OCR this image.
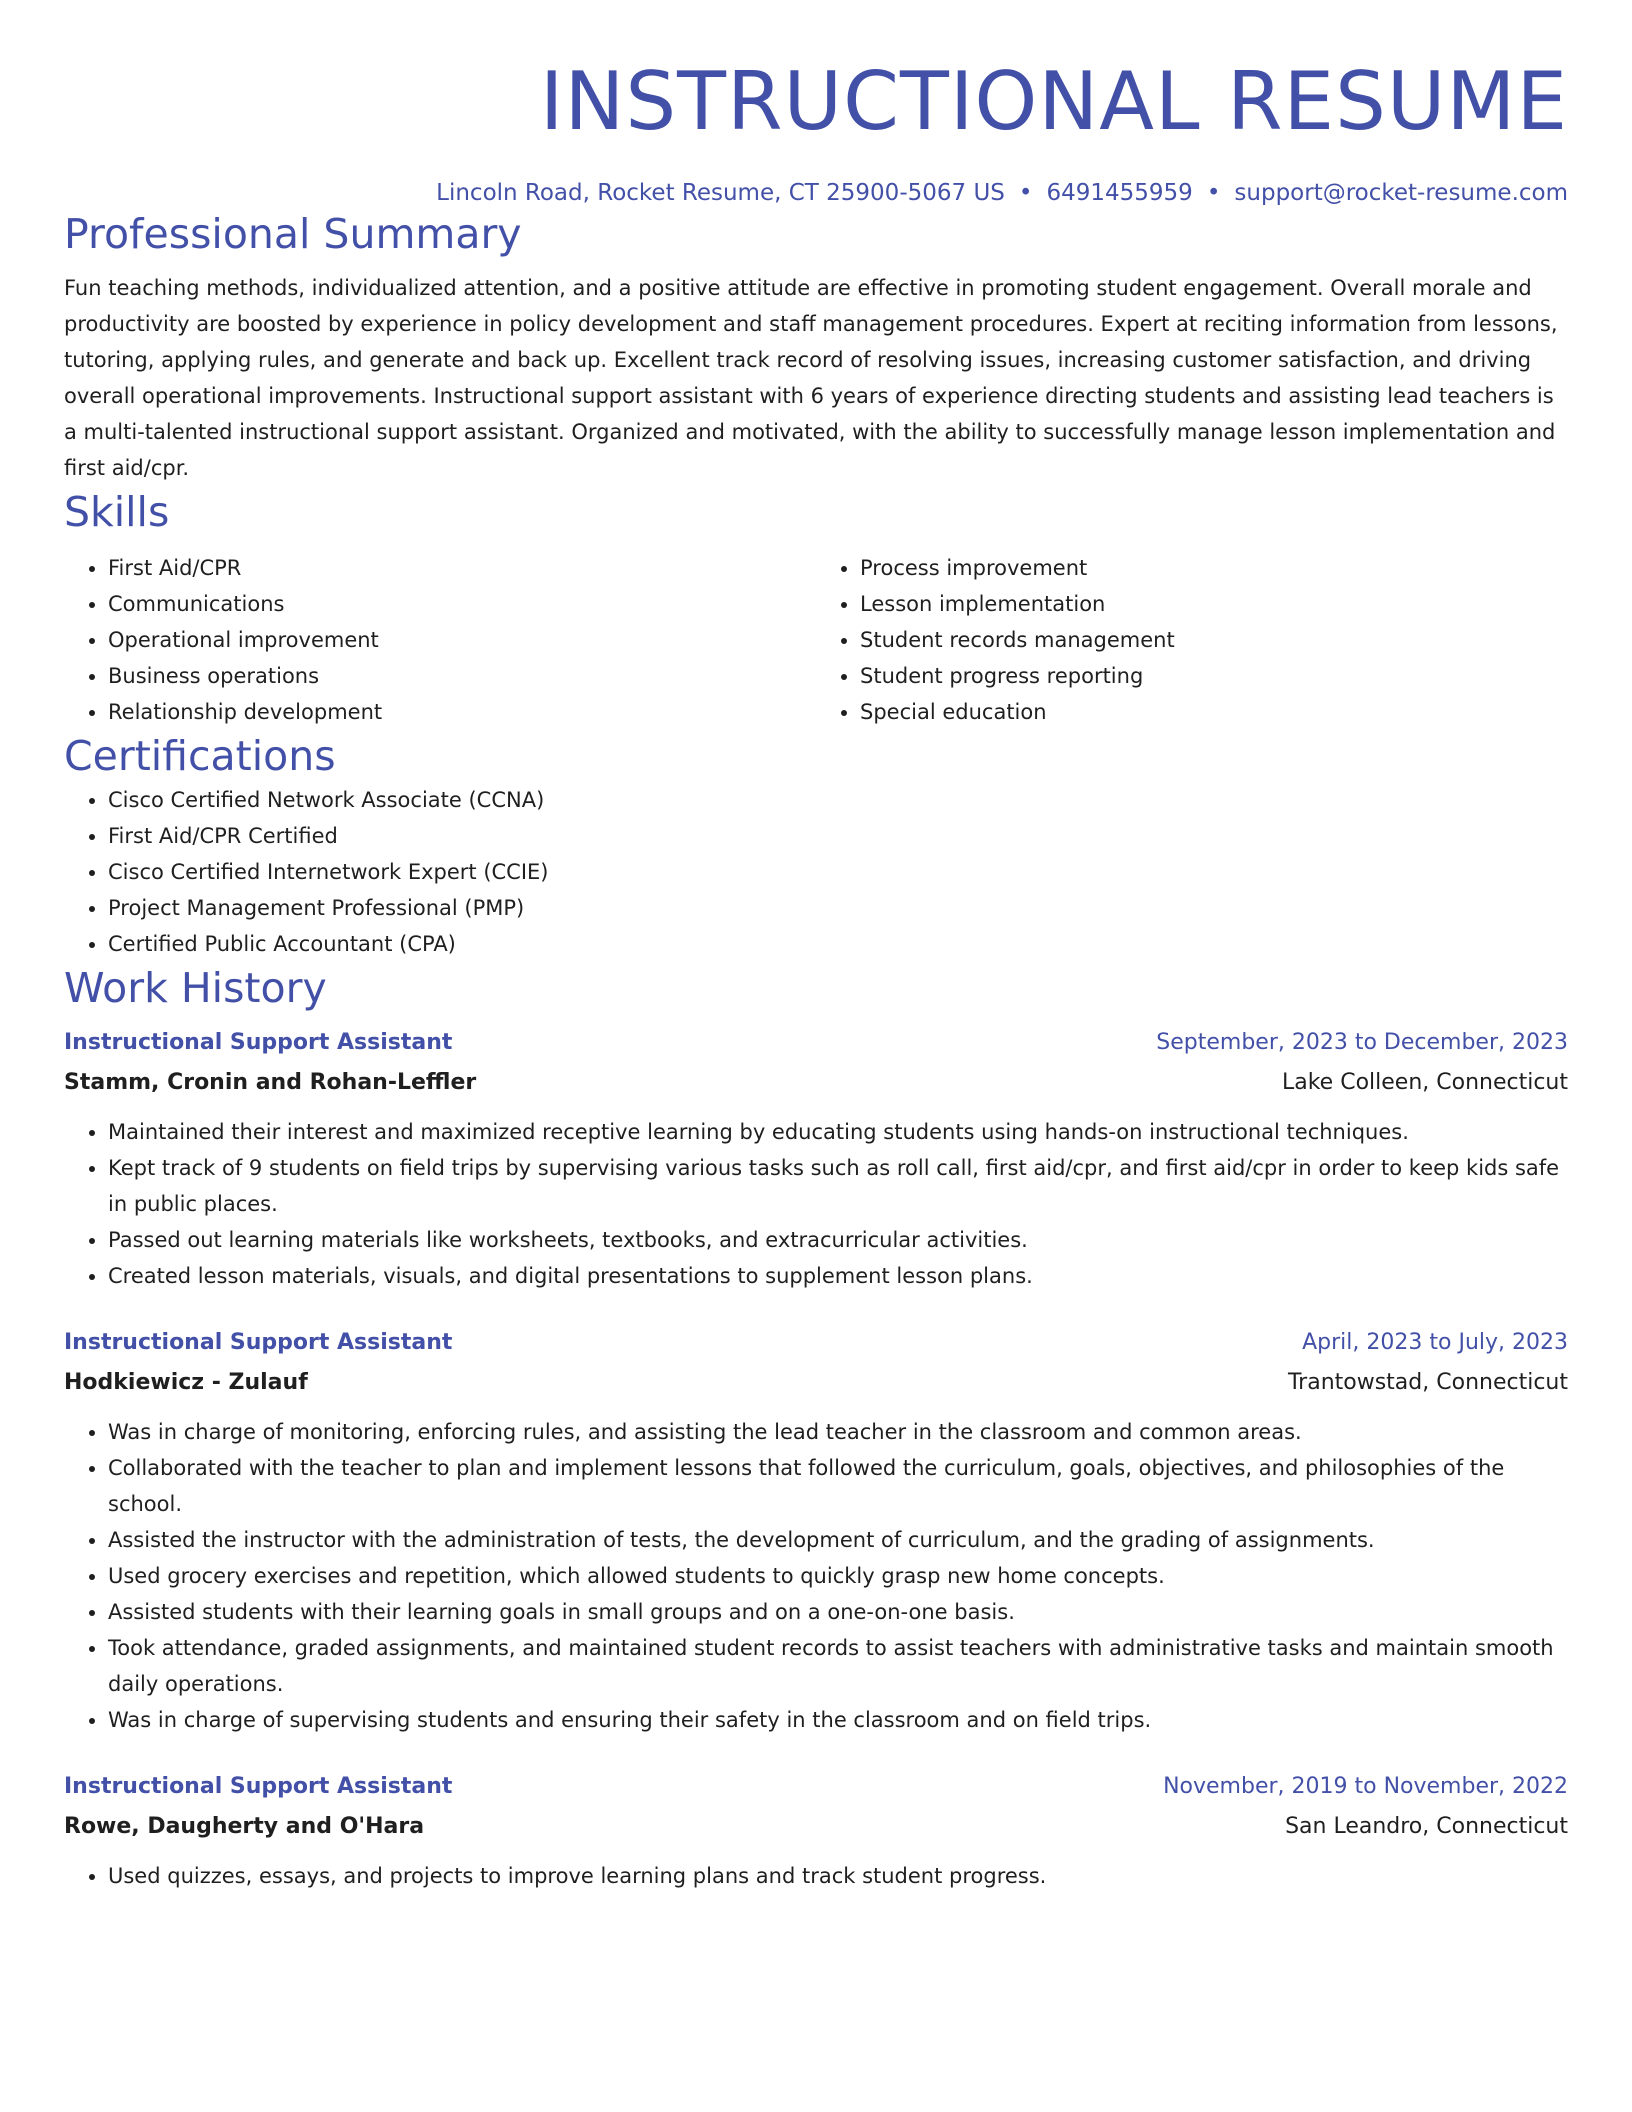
INSTRUCTIONAL RESUME
Lincoln Road, Rocket Resume, CT 25900-5067 US • 6491455959 • support@rocket-resume.com
Professional Summary
Fun teaching methods, individualized attention, and a positive attitude are effective in promoting student engagement. Overall morale and productivity are boosted by experience in policy development and staff management procedures. Expert at reciting information from lessons, tutoring, applying rules, and generate and back up. Excellent track record of resolving issues, increasing customer satisfaction, and driving overall operational improvements. Instructional support assistant with 6 years of experience directing students and assisting lead teachers is a multi-talented instructional support assistant. Organized and motivated, with the ability to successfully manage lesson implementation and first aid/cpr.
Skills
• First Aid/CPR
• Communications
• Operational improvement
• Business operations
• Relationship development
• Process improvement
• Lesson implementation
• Student records management
• Student progress reporting
• Special education
Certifications
• Cisco Certified Network Associate (CCNA)
• First Aid/CPR Certified
• Cisco Certified Internetwork Expert (CCIE)
• Project Management Professional (PMP)
• Certified Public Accountant (CPA)
Work History
Instructional Support Assistant	September, 2023 to December, 2023
Stamm, Cronin and Rohan-Leffler	Lake Colleen, Connecticut
• Maintained their interest and maximized receptive learning by educating students using hands-on instructional techniques.
• Kept track of 9 students on field trips by supervising various tasks such as roll call, first aid/cpr, and first aid/cpr in order to keep kids safe in public places.
• Passed out learning materials like worksheets, textbooks, and extracurricular activities.
• Created lesson materials, visuals, and digital presentations to supplement lesson plans.
Instructional Support Assistant	April, 2023 to July, 2023
Hodkiewicz - Zulauf	Trantowstad, Connecticut
• Was in charge of monitoring, enforcing rules, and assisting the lead teacher in the classroom and common areas.
• Collaborated with the teacher to plan and implement lessons that followed the curriculum, goals, objectives, and philosophies of the school.
• Assisted the instructor with the administration of tests, the development of curriculum, and the grading of assignments.
• Used grocery exercises and repetition, which allowed students to quickly grasp new home concepts.
• Assisted students with their learning goals in small groups and on a one-on-one basis.
• Took attendance, graded assignments, and maintained student records to assist teachers with administrative tasks and maintain smooth daily operations.
• Was in charge of supervising students and ensuring their safety in the classroom and on field trips.
Instructional Support Assistant	November, 2019 to November, 2022
Rowe, Daugherty and O'Hara	San Leandro, Connecticut
• Used quizzes, essays, and projects to improve learning plans and track student progress.
